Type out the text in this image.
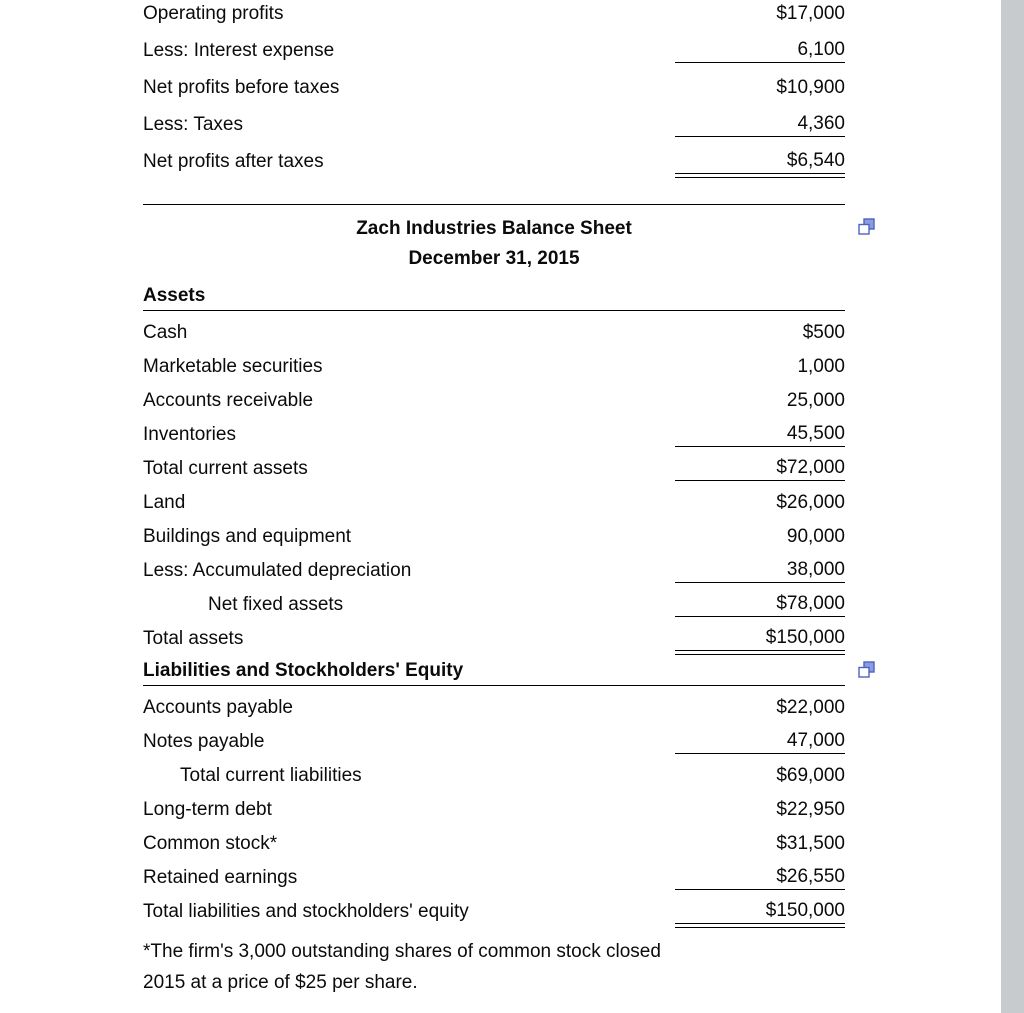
Operating profits	$17,000
Less: Interest expense	6,100
Net profits before taxes	$10,900
Less: Taxes	4,360
Net profits after taxes	$6,540
Zach Industries Balance Sheet
December 31, 2015
Assets
Cash	$500
Marketable securities	1,000
Accounts receivable	25,000
Inventories	45,500
Total current assets	$72,000
Land	$26,000
Buildings and equipment	90,000
Less: Accumulated depreciation	38,000
Net fixed assets	$78,000
Total assets	$150,000
Liabilities and Stockholders' Equity
Accounts payable	$22,000
Notes payable	47,000
Total current liabilities	$69,000
Long-term debt	$22,950
Common stock*	$31,500
Retained earnings	$26,550
Total liabilities and stockholders' equity	$150,000
*The firm's 3,000 outstanding shares of common stock closed
2015 at a price of $25 per share.
